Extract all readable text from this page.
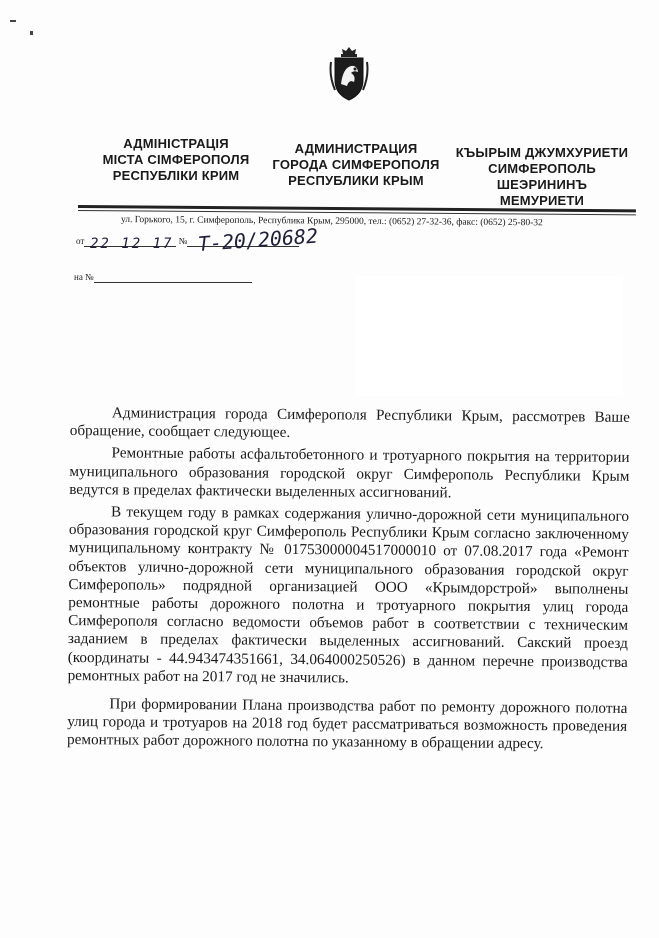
АДМІНІСТРАЦІЯ
МІСТА СІМФЕРОПОЛЯ
РЕСПУБЛІКИ КРИМ
АДМИНИСТРАЦИЯ
ГОРОДА СИМФЕРОПОЛЯ
РЕСПУБЛИКИ КРЫМ
КЪЫРЫМ ДЖУМХУРИЕТИ
СИМФЕРОПОЛЬ
ШЕЭРИНИНЪ
МЕМУРИЕТИ
ул. Горького, 15, г. Симферополь, Республика Крым, 295000, тел.: (0652) 27-32-36, факс: (0652) 25-80-32
от	№
на №
22 12 17 Т-20/20682

Администрация города Симферополя Республики Крым, рассмотрев Ваше обращение, сообщает следующее.

Ремонтные работы асфальтобетонного и тротуарного покрытия на территории муниципального образования городской округ Симферополь Республики Крым ведутся в пределах фактически выделенных ассигнований.

В текущем году в рамках содержания улично-дорожной сети муниципального образования городской круг Симферополь Республики Крым согласно заключенному муниципальному контракту № 0175300000451700001​0 от 07.08.2017 года «Ремонт объектов улично-дорожной сети муниципального образования городской округ Симферополь» подрядной организацией ООО «Крымдорстрой» выполнены ремонтные работы дорожного полотна и тротуарного покрытия улиц города Симферополя согласно ведомости объемов работ в соответствии с техническим заданием в пределах фактически выделенных ассигнований. Сакский проезд (координаты - 44.943474351661, 34.064000250526) в данном перечне производства ремонтных работ на 2017 год не значились.

При формировании Плана производства работ по ремонту дорожного полотна улиц города и тротуаров на 2018 год будет рассматриваться возможность проведения ремонтных работ дорожного полотна по указанному в обращении адресу.
